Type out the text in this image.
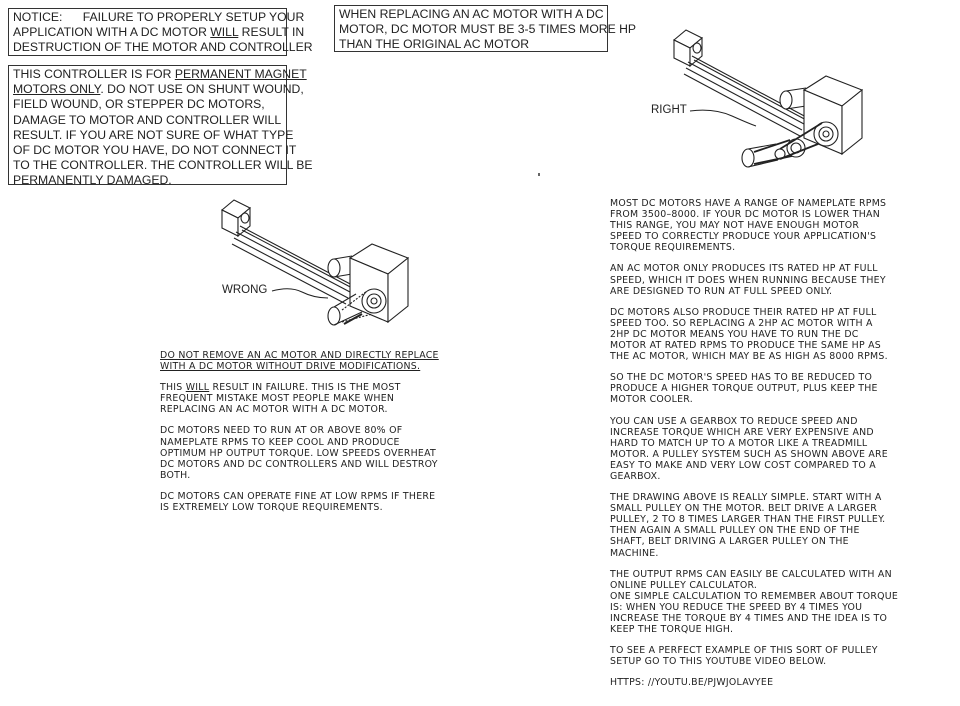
NOTICE: FAILURE TO PROPERLY SETUP YOUR
APPLICATION WITH A DC MOTOR WILL RESULT IN
DESTRUCTION OF THE MOTOR AND CONTROLLER
WHEN REPLACING AN AC MOTOR WITH A DC
MOTOR, DC MOTOR MUST BE 3-5 TIMES MORE HP
THAN THE ORIGINAL AC MOTOR
THIS CONTROLLER IS FOR PERMANENT MAGNET
MOTORS ONLY. DO NOT USE ON SHUNT WOUND,
FIELD WOUND, OR STEPPER DC MOTORS,
DAMAGE TO MOTOR AND CONTROLLER WILL
RESULT. IF YOU ARE NOT SURE OF WHAT TYPE
OF DC MOTOR YOU HAVE, DO NOT CONNECT IT
TO THE CONTROLLER. THE CONTROLLER WILL BE
PERMANENTLY DAMAGED.
WRONG
RIGHT
DO NOT REMOVE AN AC MOTOR AND DIRECTLY REPLACE
WITH A DC MOTOR WITHOUT DRIVE MODIFICATIONS.
THIS WILL RESULT IN FAILURE. THIS IS THE MOST
FREQUENT MISTAKE MOST PEOPLE MAKE WHEN
REPLACING AN AC MOTOR WITH A DC MOTOR.
DC MOTORS NEED TO RUN AT OR ABOVE 80% OF
NAMEPLATE RPMS TO KEEP COOL AND PRODUCE
OPTIMUM HP OUTPUT TORQUE. LOW SPEEDS OVERHEAT
DC MOTORS AND DC CONTROLLERS AND WILL DESTROY
BOTH.
DC MOTORS CAN OPERATE FINE AT LOW RPMS IF THERE
IS EXTREMELY LOW TORQUE REQUIREMENTS.
MOST DC MOTORS HAVE A RANGE OF NAMEPLATE RPMS
FROM 3500–8000. IF YOUR DC MOTOR IS LOWER THAN
THIS RANGE, YOU MAY NOT HAVE ENOUGH MOTOR
SPEED TO CORRECTLY PRODUCE YOUR APPLICATION'S
TORQUE REQUIREMENTS.
AN AC MOTOR ONLY PRODUCES ITS RATED HP AT FULL
SPEED, WHICH IT DOES WHEN RUNNING BECAUSE THEY
ARE DESIGNED TO RUN AT FULL SPEED ONLY.
DC MOTORS ALSO PRODUCE THEIR RATED HP AT FULL
SPEED TOO. SO REPLACING A 2HP AC MOTOR WITH A
2HP DC MOTOR MEANS YOU HAVE TO RUN THE DC
MOTOR AT RATED RPMS TO PRODUCE THE SAME HP AS
THE AC MOTOR, WHICH MAY BE AS HIGH AS 8000 RPMS.
SO THE DC MOTOR'S SPEED HAS TO BE REDUCED TO
PRODUCE A HIGHER TORQUE OUTPUT, PLUS KEEP THE
MOTOR COOLER.
YOU CAN USE A GEARBOX TO REDUCE SPEED AND
INCREASE TORQUE WHICH ARE VERY EXPENSIVE AND
HARD TO MATCH UP TO A MOTOR LIKE A TREADMILL
MOTOR. A PULLEY SYSTEM SUCH AS SHOWN ABOVE ARE
EASY TO MAKE AND VERY LOW COST COMPARED TO A
GEARBOX.
THE DRAWING ABOVE IS REALLY SIMPLE. START WITH A
SMALL PULLEY ON THE MOTOR. BELT DRIVE A LARGER
PULLEY, 2 TO 8 TIMES LARGER THAN THE FIRST PULLEY.
THEN AGAIN A SMALL PULLEY ON THE END OF THE
SHAFT, BELT DRIVING A LARGER PULLEY ON THE
MACHINE.
THE OUTPUT RPMS CAN EASILY BE CALCULATED WITH AN
ONLINE PULLEY CALCULATOR.
ONE SIMPLE CALCULATION TO REMEMBER ABOUT TORQUE
IS: WHEN YOU REDUCE THE SPEED BY 4 TIMES YOU
INCREASE THE TORQUE BY 4 TIMES AND THE IDEA IS TO
KEEP THE TORQUE HIGH.
TO SEE A PERFECT EXAMPLE OF THIS SORT OF PULLEY
SETUP GO TO THIS YOUTUBE VIDEO BELOW.
HTTPS: //YOUTU.BE/PJWJOLAVYEE
